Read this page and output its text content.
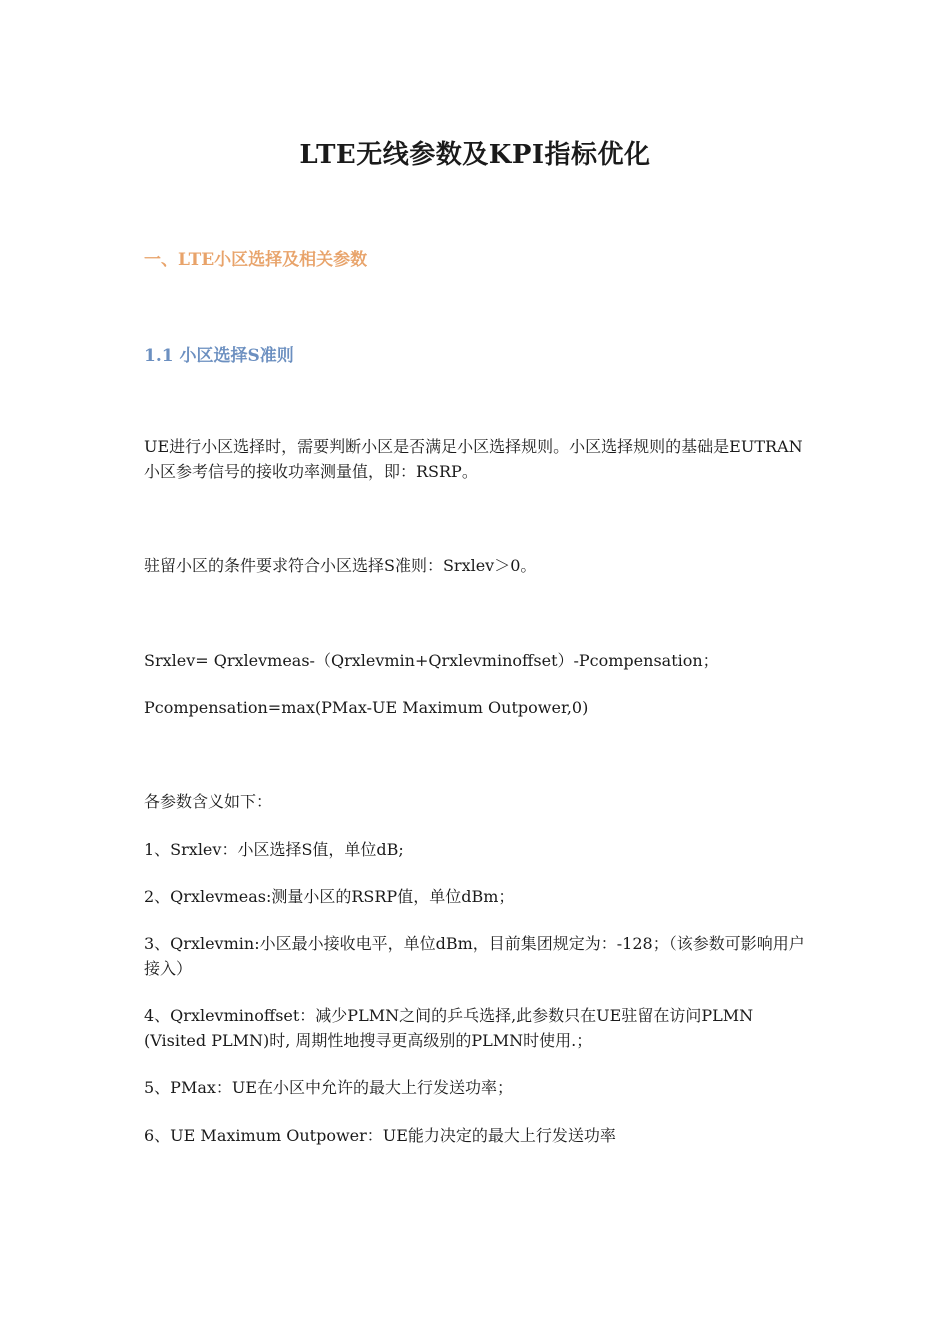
LTE无线参数及KPI指标优化
一、LTE小区选择及相关参数
1.1 小区选择S准则

UE进行小区选择时，需要判断小区是否满足小区选择规则。小区选择规则的基础是EUTRAN小区参考信号的接收功率测量值，即：RSRP。

驻留小区的条件要求符合小区选择S准则：Srxlev＞0。

Srxlev= Qrxlevmeas-（Qrxlevmin+Qrxlevminoffset）-Pcompensation；

Pcompensation=max(PMax-UE Maximum Outpower,0)

各参数含义如下：

1、Srxlev：小区选择S值，单位dB;

2、Qrxlevmeas:测量小区的RSRP值，单位dBm；

3、Qrxlevmin:小区最小接收电平，单位dBm，目前集团规定为：-128；（该参数可影响用户接入）

4、Qrxlevminoffset：减少PLMN之间的乒乓选择,此参数只在UE驻留在访问PLMN (Visited PLMN)时, 周期性地搜寻更高级别的PLMN时使用.；

5、PMax：UE在小区中允许的最大上行发送功率；

6、UE Maximum Outpower：UE能力决定的最大上行发送功率
